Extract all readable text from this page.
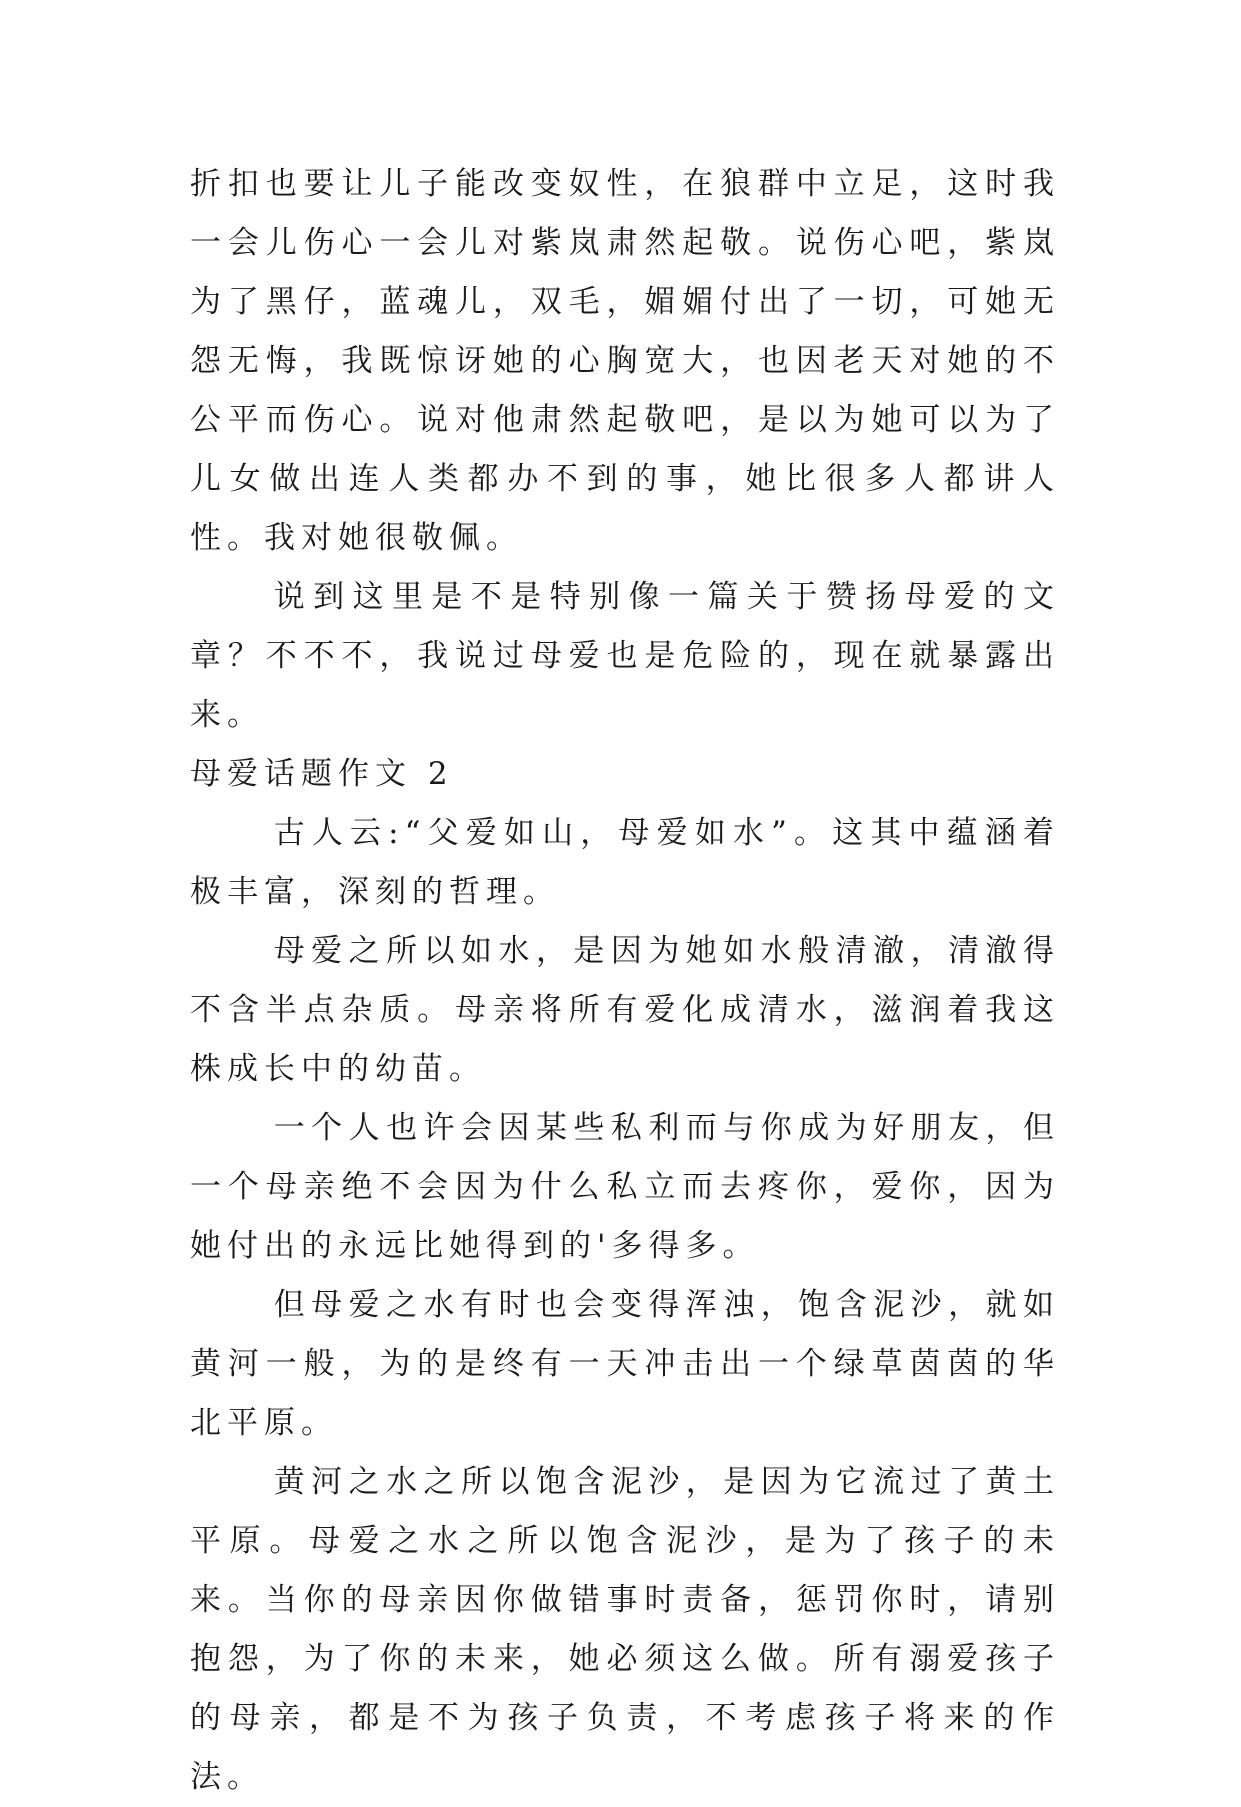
折扣也要让儿子能改变奴性，在狼群中立足，这时我一会儿伤心一会儿对紫岚肃然起敬。说伤心吧，紫岚为了黑仔，蓝魂儿，双毛，媚媚付出了一切，可她无怨无悔，我既惊讶她的心胸宽大，也因老天对她的不公平而伤心。说对他肃然起敬吧，是以为她可以为了儿女做出连人类都办不到的事，她比很多人都讲人性。我对她很敬佩。

说到这里是不是特别像一篇关于赞扬母爱的文章？不不不，我说过母爱也是危险的，现在就暴露出来。

母爱话题作文 2

古人云:“父爱如山，母爱如水”。这其中蕴涵着极丰富，深刻的哲理。

母爱之所以如水，是因为她如水般清澈，清澈得不含半点杂质。母亲将所有爱化成清水，滋润着我这株成长中的幼苗。

一个人也许会因某些私利而与你成为好朋友，但一个母亲绝不会因为什么私立而去疼你，爱你，因为她付出的永远比她得到的'多得多。

但母爱之水有时也会变得浑浊，饱含泥沙，就如黄河一般，为的是终有一天冲击出一个绿草茵茵的华北平原。

黄河之水之所以饱含泥沙，是因为它流过了黄土平原。母爱之水之所以饱含泥沙，是为了孩子的未来。当你的母亲因你做错事时责备，惩罚你时，请别抱怨，为了你的未来，她必须这么做。所有溺爱孩子的母亲，都是不为孩子负责，不考虑孩子将来的作法。
